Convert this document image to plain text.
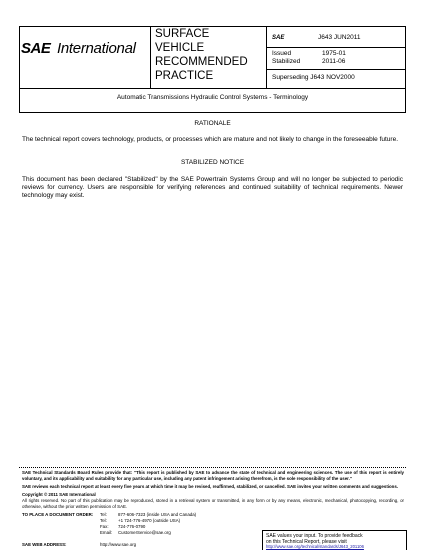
SAE International
SURFACE
VEHICLE
RECOMMENDED
PRACTICE
SAE	J643 JUN2011
Issued	1975-01
Stabilized	2011-06
Superseding J643 NOV2000
Automatic Transmissions Hydraulic Control Systems - Terminology
RATIONALE
The technical report covers technology, products, or processes which are mature and not likely to change in the foreseeable future.
STABILIZED NOTICE
This document has been declared "Stabilized" by the SAE Powertrain Systems Group and will no longer be subjected to periodic reviews for currency. Users are responsible for verifying references and continued suitability of technical requirements. Newer technology may exist.
SAE Technical Standards Board Rules provide that: "This report is published by SAE to advance the state of technical and engineering sciences. The use of this report is entirely voluntary, and its applicability and suitability for any particular use, including any patent infringement arising therefrom, is the sole responsibility of the user."
SAE reviews each technical report at least every five years at which time it may be revised, reaffirmed, stabilized, or cancelled. SAE invites your written comments and suggestions.
Copyright © 2011 SAE International
All rights reserved. No part of this publication may be reproduced, stored in a retrieval system or transmitted, in any form or by any means, electronic, mechanical, photocopying, recording, or otherwise, without the prior written permission of SAE.
TO PLACE A DOCUMENT ORDER: Tel:	877-606-7323 (inside USA and Canada)
Tel:	+1 724-776-4970 (outside USA)
Fax: 724-776-0790
Email: CustomerService@sae.org
SAE WEB ADDRESS:	http://www.sae.org
SAE values your input. To provide feedback
on this Technical Report, please visit
http://www.sae.org/technical/standards/J643_201106
